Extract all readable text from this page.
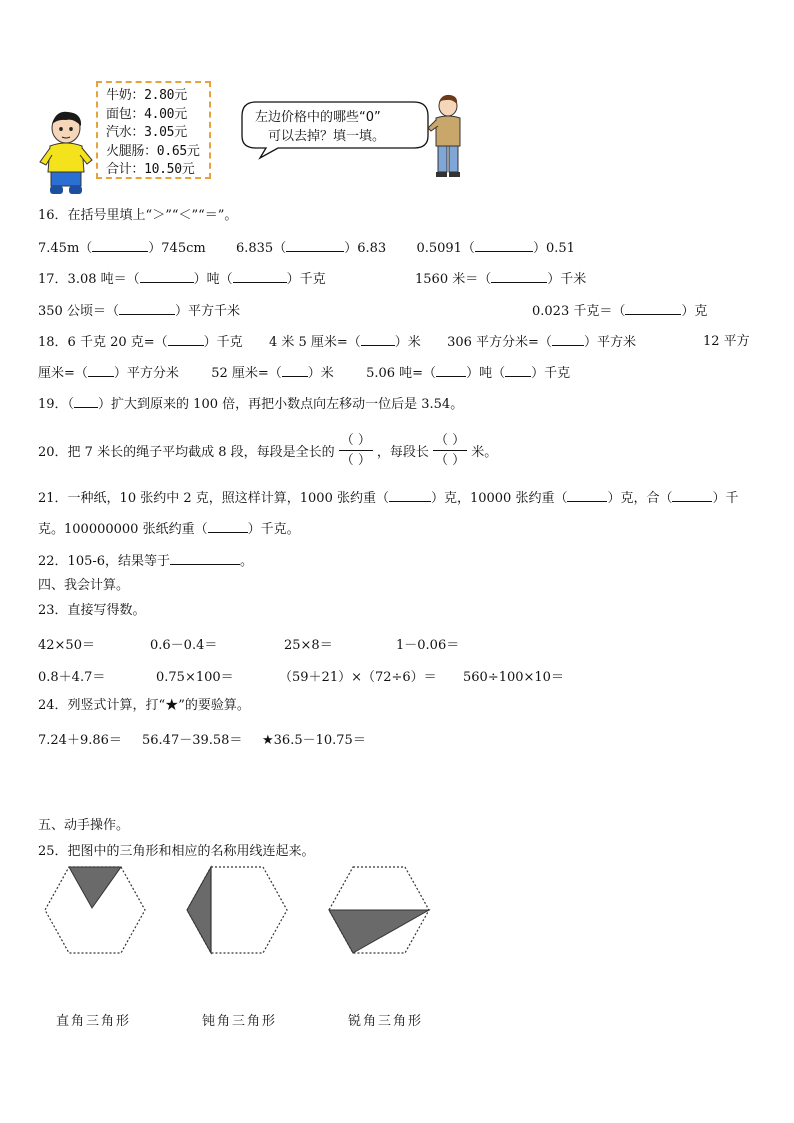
牛奶：2.80元
面包：4.00元
汽水：3.05元
火腿肠：0.65元
合计：10.50元
左边价格中的哪些“0”
可以去掉？填一填。
16．在括号里填上“＞”“＜”“＝”。
7.45m（	）745cm 6.835（	）6.83 0.5091（	）0.51
17．3.08 吨＝（	）吨（	）千克	1560 米＝（	）千米
350 公顷＝（	）平方千米	0.023 千克＝（	）克
18．6 千克 20 克=（	）千克 4 米 5 厘米=（	）米 306 平方分米=（ ）平方米	12 平方
厘米=（ ）平方分米 52 厘米=（ ）米 5.06 吨=（ ）吨（ ）千克
19．（ ）扩大到原来的 100 倍，再把小数点向左移动一位后是 3.54。
20．把 7 米长的绳子平均截成 8 段，每段是全长的 $\frac{( )}{( )}$ ，每段长 $\frac{( )}{( )}$ 米。
21．一种纸，10 张约中 2 克，照这样计算，1000 张约重（	）克，10000 张约重（	）克，合（	）千
克。100000000 张纸约重（	）千克。
22．105-6，结果等于	。
四、我会计算。
23．直接写得数。
42×50＝	0.6－0.4＝	25×8＝	1－0.06＝
0.8＋4.7＝	0.75×100＝	（59＋21）×（72÷6）＝ 560÷100×10＝
24．列竖式计算，打“★”的要验算。
7.24＋9.86＝ 56.47－39.58＝ ★36.5－10.75＝
五、动手操作。
25．把图中的三角形和相应的名称用线连起来。
直角三角形	钝角三角形	锐角三角形
